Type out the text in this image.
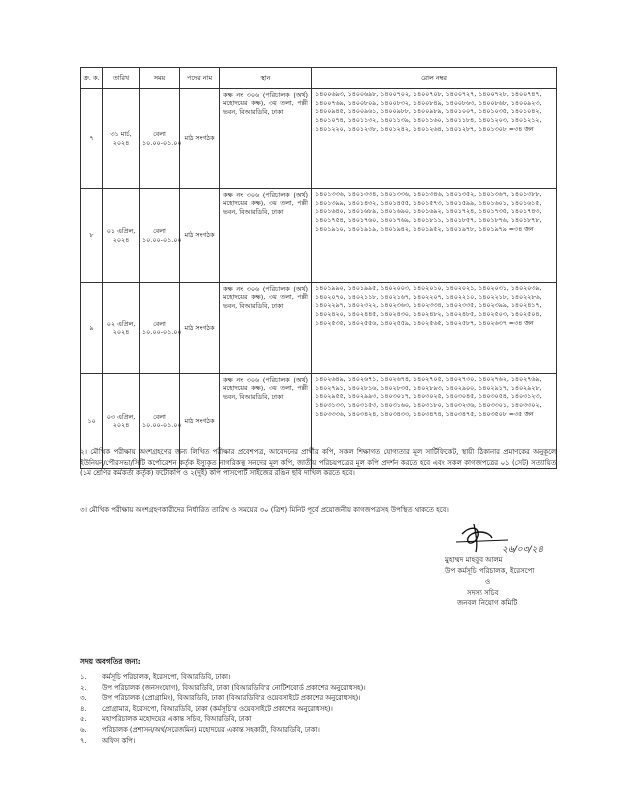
ক্র. ক.	তারিখ	সময়	পদের নাম	স্থান	রোল নম্বর
৭	৩১ মার্চ, ২০২৪	বেলা ১০.০০-০১.০০	মাঠ সংগঠক	কক্ষ নং ৩০৬ (পরিচালক (অর্থ) মহোদয়ের কক্ষ), ৩য় তলা, পল্লী ভবন, বিআরডিবি, ঢাকা	১৪০০৬৯৩, ১৪০০৬৯৮, ১৪০০৭০২, ১৪০০৭০৮, ১৪০০৭২৭, ১৪০০৭২৮, ১৪০০৭৪৭, ১৪০০৭৬৯, ১৪০০৮০৯, ১৪০০৮৩২, ১৪০০৮৪৯, ১৪০০৮৬৩, ১৪০০৮৬৮, ১৪০০৯২৩, ১৪০০৯৪৫, ১৪০০৯৬১, ১৪০০৯৮৮, ১৪০০৯৮৯, ১৪০১০০৭, ১৪০১০৩৫, ১৪০১০৪২, ১৪০১০৭৪, ১৪০১১৩২, ১৪০১১৩৯, ১৪০১১৬০, ১৪০১১৮৪, ১৪০১২০৩, ১৪০১২১২, ১৪০১২২০, ১৪০১২৩৮, ১৪০১২৪২, ১৪০১২৬৪, ১৪০১২৮৭, ১৪০১৩০৮ =৩৪ জন
৮	০১ এপ্রিল, ২০২৪	বেলা ১০.০০-০১.০০	মাঠ সংগঠক	কক্ষ নং ৩০৬ (পরিচালক (অর্থ) মহোদয়ের কক্ষ), ৩য় তলা, পল্লী ভবন, বিআরডিবি, ঢাকা	১৪০১৩৩৬, ১৪০১৩৩৪, ১৪০১৩৩৬, ১৪০১৩৪৬, ১৪০১৩৫২, ১৪০১৩৬৭, ১৪০১৩৮৮, ১৪০১৩৯৯, ১৪০১৪৩২, ১৪০১৪৫৫, ১৪০১৫৭৩, ১৪০১৫৯৯, ১৪০১৬০১, ১৪০১৬১৫, ১৪০১৬৪০, ১৪০১৬৮৯, ১৪০১৬৯০, ১৪০১৬৯২, ১৪০১৭২৪, ১৪০১৭৩৫, ১৪০১৭৪৩, ১৪০১৭৫৪, ১৪০১৭৬০, ১৪০১৭৬৯, ১৪০১৮১১, ১৪০১৮৫৭, ১৪০১৮৭৬, ১৪০১৮৭৮, ১৪০১৯১০, ১৪০১৯১৯, ১৪০১৯৪২, ১৪০১৯৫২, ১৪০১৯৭৮, ১৪০১৯৭৯ =৩৪ জন
৯	০২ এপ্রিল, ২০২৪	বেলা ১০.০০-০১.০০	মাঠ সংগঠক	কক্ষ নং ৩০৬ (পরিচালক (অর্থ) মহোদয়ের কক্ষ), ৩য় তলা, পল্লী ভবন, বিআরডিবি, ঢাকা	১৪০১৯৯০, ১৪০১৯৯৫, ১৪০২০০৩, ১৪০২০১০, ১৪০২০২১, ১৪০২০৩১, ১৪০২০৩৯, ১৪০২০৭০, ১৪০২১১৮, ১৪০২১৬৭, ১৪০২২০৭, ১৪০২২১০, ১৪০২২১৮, ১৪০২২৮৬, ১৪০২২৯৭, ১৪০২৩২২, ১৪০২৩৬৩, ১৪০২৩৩৪, ১৪০২৩৩৫, ১৪০২৩৯৯, ১৪০২৪১৭, ১৪০২৪২০, ১৪০২৪৪৫, ১৪০২৪৩০, ১৪০২৪৮২, ১৪০২৪৮৫, ১৪০২৫০৩, ১৪০২৫০৪, ১৪০২৫৩৫, ১৪০২৫৫৬, ১৪০২৫৫৯, ১৪০২৫৬৫, ১৪০২৫৮৭, ১৪০২৬৩৭ =৩৪ জন
১০	০৩ এপ্রিল, ২০২৪	বেলা ১০.০০-০১.০০	মাঠ সংগঠক	কক্ষ নং ৩০৬ (পরিচালক (অর্থ) মহোদয়ের কক্ষ), ৩য় তলা, পল্লী ভবন, বিআরডিবি, ঢাকা	১৪০২৬৪৯, ১৪০২৬৭১, ১৪০২৬৭৪, ১৪০২৭০৫, ১৪০২৭৩০, ১৪০২৭৬২, ১৪০২৭৬৯, ১৪০২৭৯১, ১৪০২৮১৬, ১৪০২৮৩৫, ১৪০২৮৯৩, ১৪০২৯০০, ১৪০২৯১৭, ১৪০২৯২৮, ১৪০২৯৫৫, ১৪০২৯৯৩, ১৪০৩০১৭, ১৪০৩০২৫, ১৪০৩০৪৫, ১৪০৩০৫৪, ১৪০৩১২৩, ১৪০৩১৩৩, ১৪০৩১৫৩, ১৪০৩১৬০, ১৪০৩১৮০, ১৪০৩২৩৬, ১৪০৩৩০১, ১৪০৩৩০২, ১৪০৩৩৩৬, ১৪০৩৪২৪, ১৪০৩৪৩৩, ১৪০৩৪৭৪, ১৪০৩৪৭৫, ১৪০৩৫০৮ =৩৫ জন

২। মৌখিক পরীক্ষায় অংশগ্রহণের জন্য লিখিত পরীক্ষার প্রবেশপত্র, আবেদনের প্রার্থীর কপি, সকল শিক্ষাগত যোগ্যতার মূল সার্টিফিকেট, স্থায়ী ঠিকানার প্রমাণকের অনুকূলে ইউনিয়ন/পৌরসভা/সিটি কর্পোরেশন কর্তৃক ইস্যুকৃত নাগরিকত্ব সনদের মূল কপি, জাতীয় পরিচয়পত্রের মূল কপি প্রদর্শন করতে হবে এবং সকল কাগজপত্রের ০১ (সেট) সত্যায়িত (১ম শ্রেণির কর্মকর্তা কর্তৃক) ফটোকপি ও ২(দুই) কপি পাসপোর্ট সাইজের রঙিন ছবি দাখিল করতে হবে।

৩। মৌখিক পরীক্ষায় অংশগ্রহণকারীদের নির্ধারিত তারিখ ও সময়ের ৩০ (ত্রিশ) মিনিট পূর্বে প্রয়োজনীয় কাগজপত্রসহ উপস্থিত থাকতে হবে।

২৬/০৩/২৪
মুহাম্মদ মাহবুব আলম
উপ কর্মসূচি পরিচালক, ইরেসপো
ও
সদস্য সচিব
জনবল নিয়োগ কমিটি
সদয় অবগতির জন্য:
১. কর্মসূচি পরিচালক, ইরেসপো, বিআরডিবি, ঢাকা।
২. উপ পরিচালক (জনসংযোগ), বিআরডিবি, ঢাকা (বিআরডিবি'র নোটিশবোর্ড প্রকাশের অনুরোধসহ)।
৩. উপ পরিচালক (প্রোগ্রামিং), বিআরডিবি, ঢাকা (বিআরডিবি'র ওয়েবসাইটে প্রকাশের অনুরোধসহ)।
৪. প্রোগ্রামার, ইরেসপো, বিআরডিবি, ঢাকা (কর্মসূচি'র ওয়েবসাইটে প্রকাশের অনুরোধসহ)।
৫. মহাপরিচালক মহোদয়ের একান্ত সচিব, বিআরডিবি, ঢাকা
৬. পরিচালক (প্রশাসন/অর্থ/সরেজমিন) মহোদয়ের একান্ত সহকারী, বিআরডিবি, ঢাকা।
৭. অফিস কপি।
